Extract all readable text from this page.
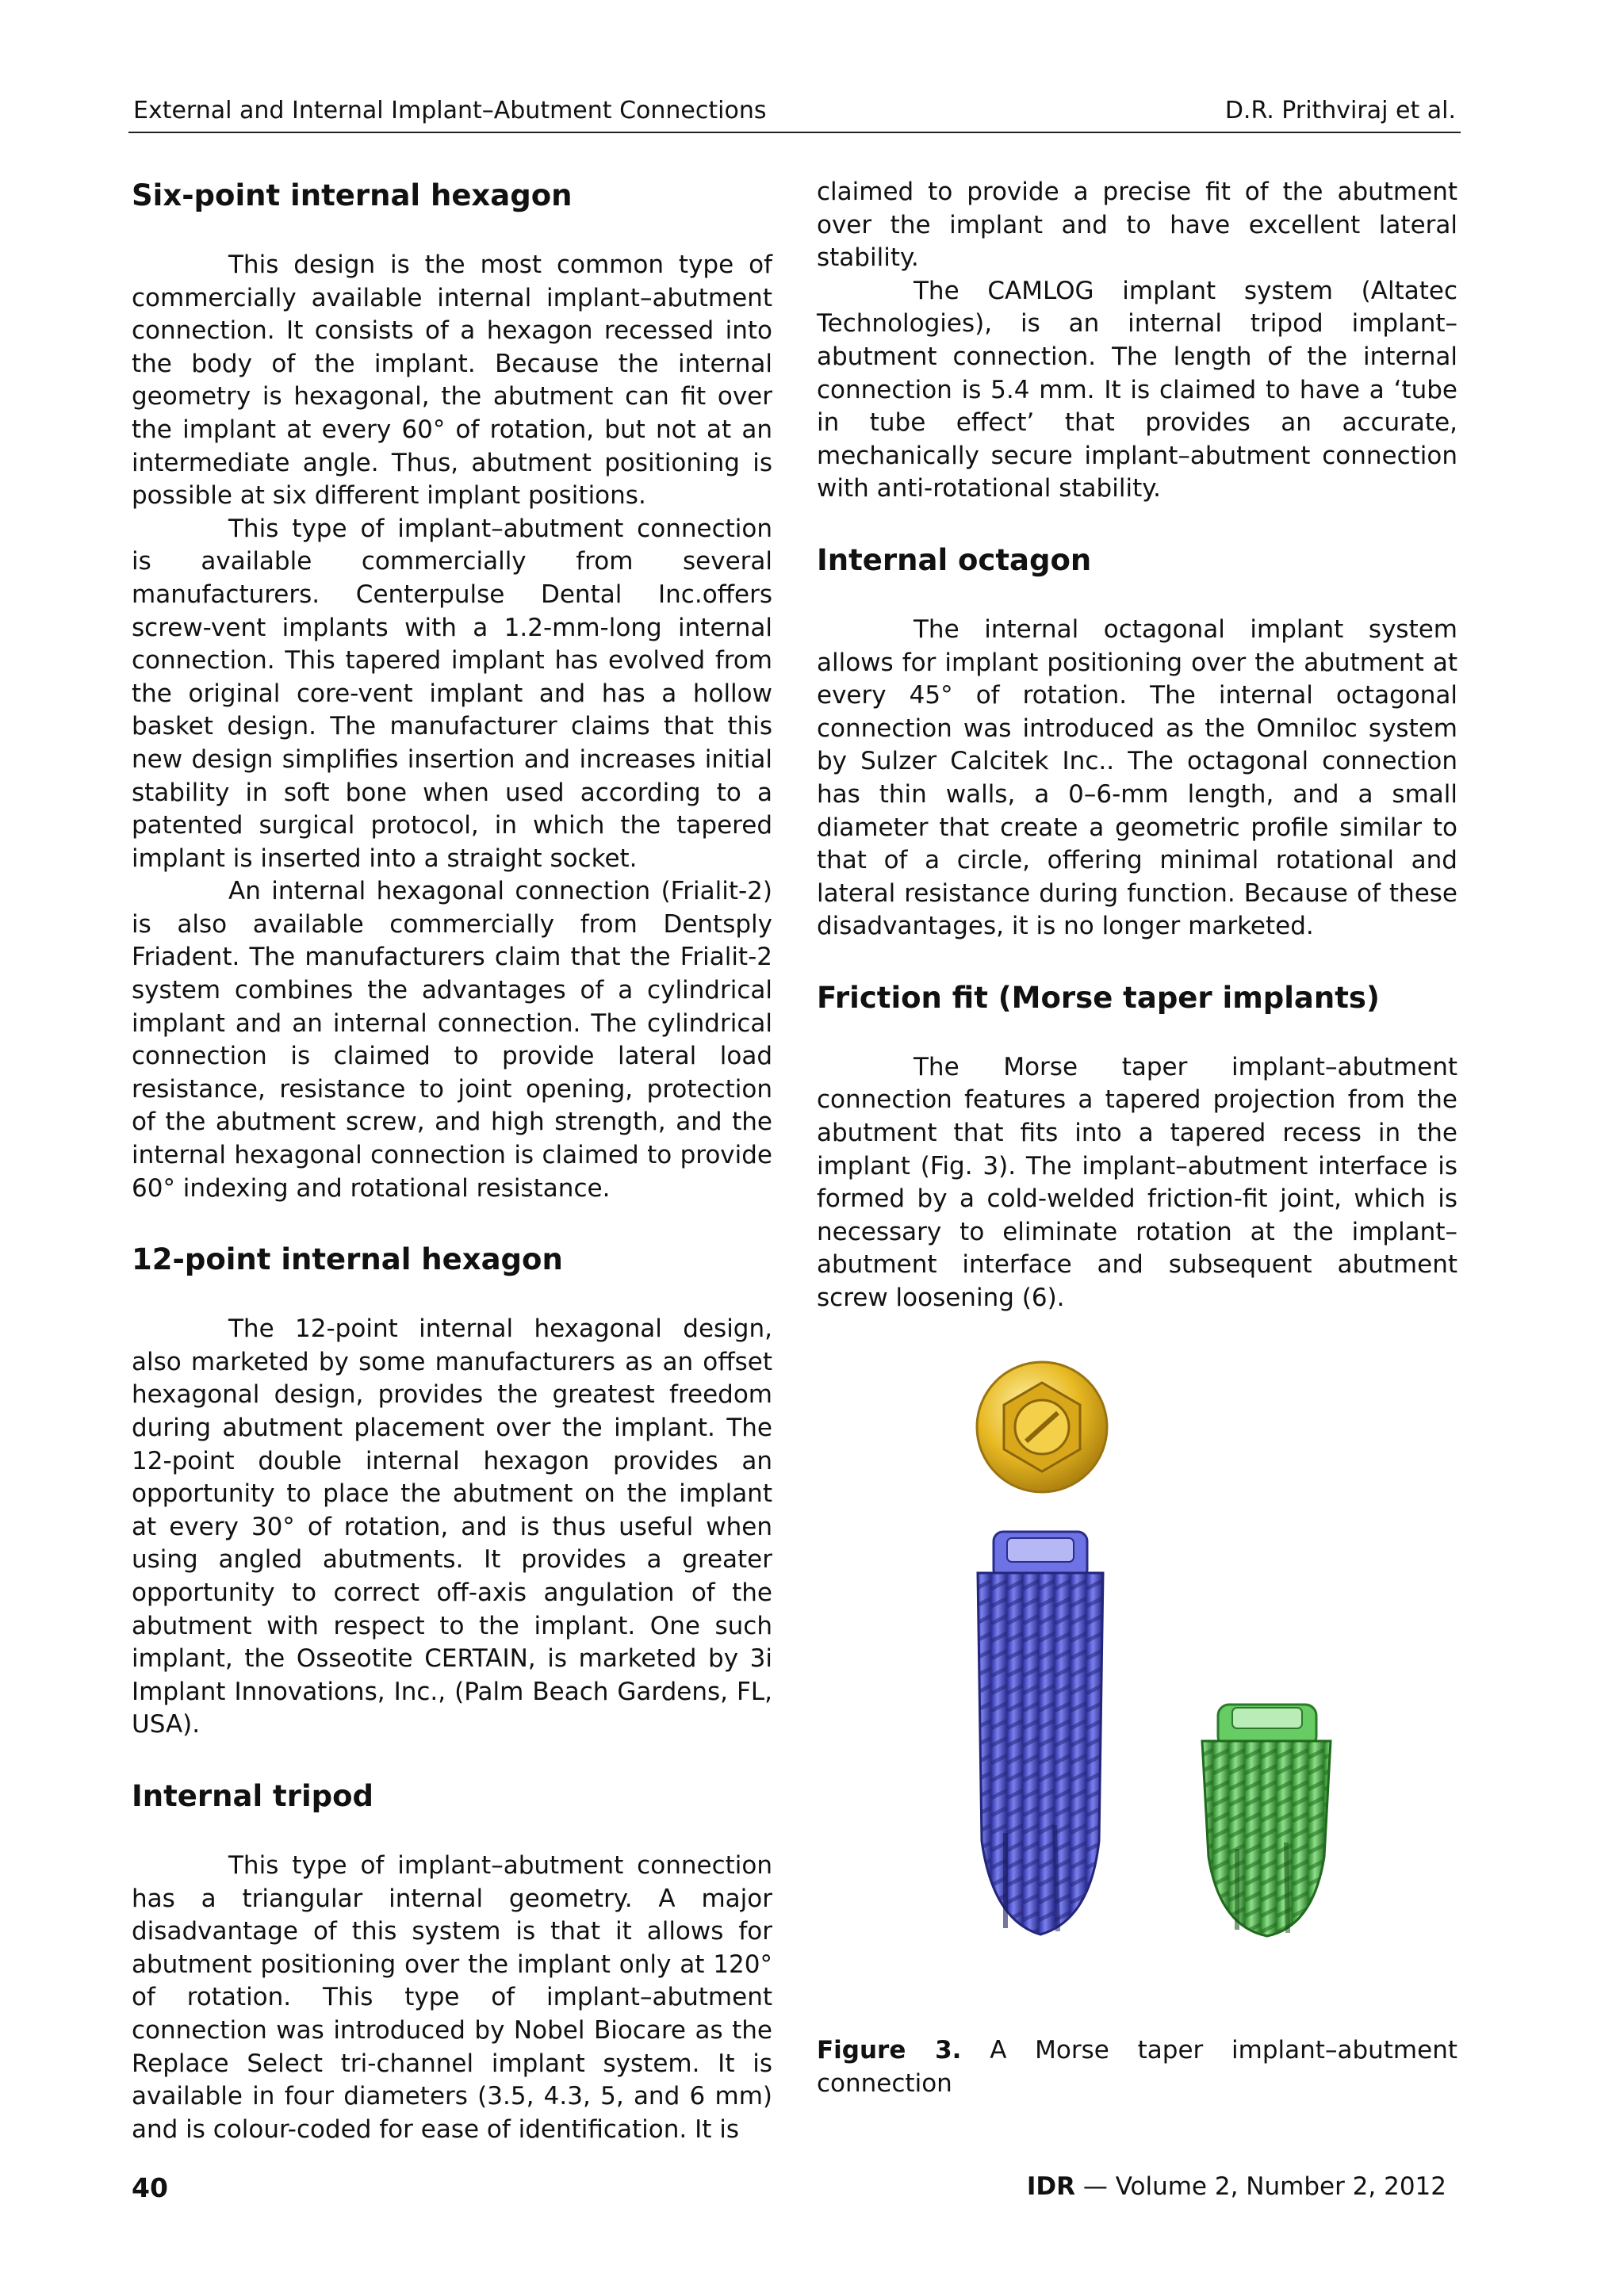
External and Internal Implant–Abutment Connections	D.R. Prithviraj et al.
Six-point internal hexagon

This design is the most common type of commercially available internal implant–abutment connection. It consists of a hexagon recessed into the body of the implant. Because the internal geometry is hexagonal, the abutment can fit over the implant at every 60° of rotation, but not at an intermediate angle. Thus, abutment positioning is possible at six different implant positions.

This type of implant–abutment connection is available commercially from several manufacturers. Centerpulse Dental Inc.offers screw-vent implants with a 1.2-mm-long internal connection. This tapered implant has evolved from the original core-vent implant and has a hollow basket design. The manufacturer claims that this new design simplifies insertion and increases initial stability in soft bone when used according to a patented surgical protocol, in which the tapered implant is inserted into a straight socket.

An internal hexagonal connection (Frialit-2) is also available commercially from Dentsply Friadent. The manufacturers claim that the Frialit-2 system combines the advantages of a cylindrical implant and an internal connection. The cylindrical connection is claimed to provide lateral load resistance, resistance to joint opening, protection of the abutment screw, and high strength, and the internal hexagonal connection is claimed to provide 60° indexing and rotational resistance.

12-point internal hexagon

The 12-point internal hexagonal design, also marketed by some manufacturers as an offset hexagonal design, provides the greatest freedom during abutment placement over the implant. The 12-point double internal hexagon provides an opportunity to place the abutment on the implant at every 30° of rotation, and is thus useful when using angled abutments. It provides a greater opportunity to correct off-axis angulation of the abutment with respect to the implant. One such implant, the Osseotite CERTAIN, is marketed by 3i Implant Innovations, Inc., (Palm Beach Gardens, FL, USA).

Internal tripod

This type of implant–abutment connection has a triangular internal geometry. A major disadvantage of this system is that it allows for abutment positioning over the implant only at 120° of rotation. This type of implant–abutment connection was introduced by Nobel Biocare as the Replace Select tri-channel implant system. It is available in four diameters (3.5, 4.3, 5, and 6 mm) and is colour-coded for ease of identification. It is

claimed to provide a precise fit of the abutment over the implant and to have excellent lateral stability.

The CAMLOG implant system (Altatec Technologies), is an internal tripod implant–abutment connection. The length of the internal connection is 5.4 mm. It is claimed to have a ‘tube in tube effect’ that provides an accurate, mechanically secure implant–abutment connection with anti-rotational stability.

Internal octagon

The internal octagonal implant system allows for implant positioning over the abutment at every 45° of rotation. The internal octagonal connection was introduced as the Omniloc system by Sulzer Calcitek Inc.. The octagonal connection has thin walls, a 0–6-mm length, and a small diameter that create a geometric profile similar to that of a circle, offering minimal rotational and lateral resistance during function. Because of these disadvantages, it is no longer marketed.

Friction fit (Morse taper implants)

The Morse taper implant–abutment connection features a tapered projection from the abutment that fits into a tapered recess in the implant (Fig. 3). The implant–abutment interface is formed by a cold-welded friction-fit joint, which is necessary to eliminate rotation at the implant–abutment interface and subsequent abutment screw loosening (6).

Figure 3. A Morse taper implant–abutment connection

40	IDR — Volume 2, Number 2, 2012
